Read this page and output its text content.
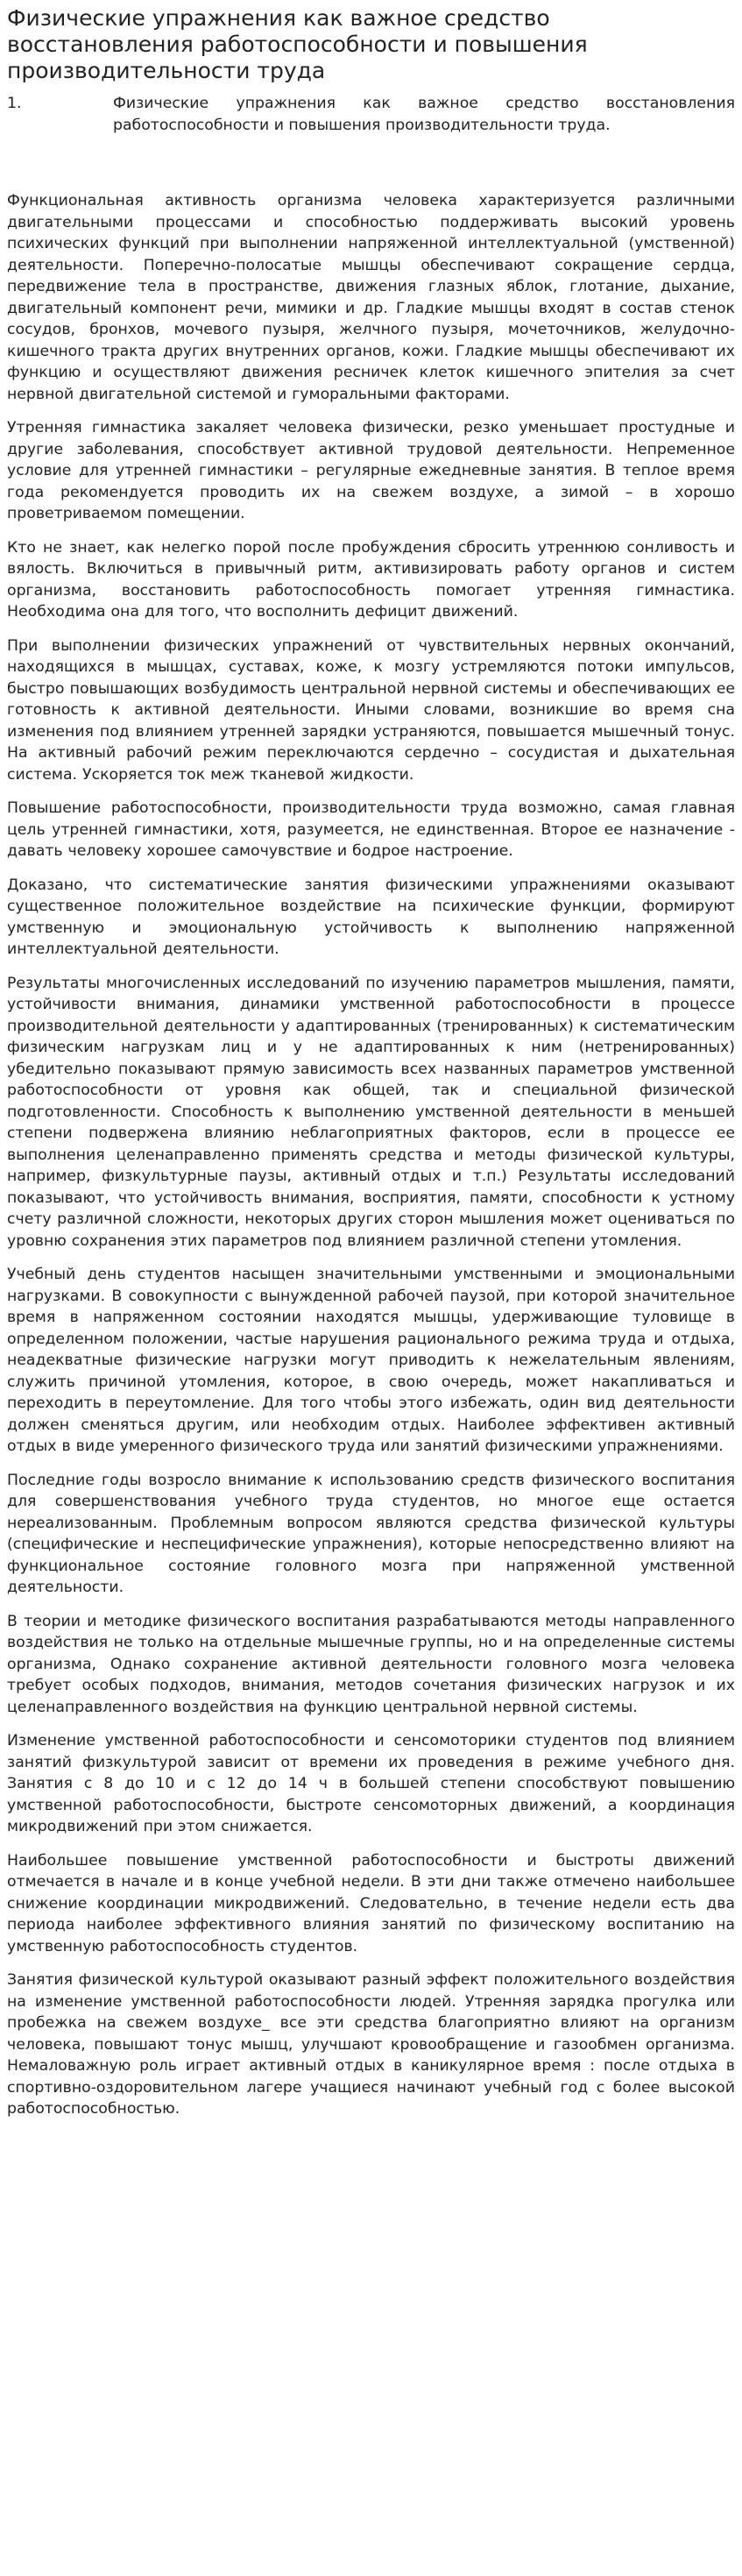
Физические упражнения как важное средство восстановления работоспособности и повышения производительности труда
1.	Физические упражнения как важное средство восстановления работоспособности и повышения производительности труда.

Функциональная активность организма человека характеризуется различными двигательными процессами и способностью поддерживать высокий уровень психических функций при выполнении напряженной интеллектуальной (умственной) деятельности. Поперечно-полосатые мышцы обеспечивают сокращение сердца, передвижение тела в пространстве, движения глазных яблок, глотание, дыхание, двигательный компонент речи, мимики и др. Гладкие мышцы входят в состав стенок сосудов, бронхов, мочевого пузыря, желчного пузыря, мочеточников, желудочно-кишечного тракта других внутренних органов, кожи. Гладкие мышцы обеспечивают их функцию и осуществляют движения ресничек клеток кишечного эпителия за счет нервной двигательной системой и гуморальными факторами.

Утренняя гимнастика закаляет человека физически, резко уменьшает простудные и другие заболевания, способствует активной трудовой деятельности. Непременное условие для утренней гимнастики – регулярные ежедневные занятия. В теплое время года рекомендуется проводить их на свежем воздухе, а зимой – в хорошо проветриваемом помещении.

Кто не знает, как нелегко порой после пробуждения сбросить утреннюю сонливость и вялость. Включиться в привычный ритм, активизировать работу органов и систем организма, восстановить работоспособность помогает утренняя гимнастика. Необходима она для того, что восполнить дефицит движений.

При выполнении физических упражнений от чувствительных нервных окончаний, находящихся в мышцах, суставах, коже, к мозгу устремляются потоки импульсов, быстро повышающих возбудимость центральной нервной системы и обеспечивающих ее готовность к активной деятельности. Иными словами, возникшие во время сна изменения под влиянием утренней зарядки устраняются, повышается мышечный тонус. На активный рабочий режим переключаются сердечно – сосудистая и дыхательная система. Ускоряется ток меж тканевой жидкости.

Повышение работоспособности, производительности труда возможно, самая главная цель утренней гимнастики, хотя, разумеется, не единственная. Второе ее назначение - давать человеку хорошее самочувствие и бодрое настроение.

Доказано, что систематические занятия физическими упражнениями оказывают существенное положительное воздействие на психические функции, формируют умственную и эмоциональную устойчивость к выполнению напряженной интеллектуальной деятельности.

Результаты многочисленных исследований по изучению параметров мышления, памяти, устойчивости внимания, динамики умственной работоспособности в процессе производительной деятельности у адаптированных (тренированных) к систематическим физическим нагрузкам лиц и у не адаптированных к ним (нетренированных) убедительно показывают прямую зависимость всех названных параметров умственной работоспособности от уровня как общей, так и специальной физической подготовленности. Способность к выполнению умственной деятельности в меньшей степени подвержена влиянию неблагоприятных факторов, если в процессе ее выполнения целенаправленно применять средства и методы физической культуры, например, физкультурные паузы, активный отдых и т.п.) Результаты исследований показывают, что устойчивость внимания, восприятия, памяти, способности к устному счету различной сложности, некоторых других сторон мышления может оцениваться по уровню сохранения этих параметров под влиянием различной степени утомления.

Учебный день студентов насыщен значительными умственными и эмоциональными нагрузками. В совокупности с вынужденной рабочей паузой, при которой значительное время в напряженном состоянии находятся мышцы, удерживающие туловище в определенном положении, частые нарушения рационального режима труда и отдыха, неадекватные физические нагрузки могут приводить к нежелательным явлениям, служить причиной утомления, которое, в свою очередь, может накапливаться и переходить в переутомление. Для того чтобы этого избежать, один вид деятельности должен сменяться другим, или необходим отдых. Наиболее эффективен активный отдых в виде умеренного физического труда или занятий физическими упражнениями.

Последние годы возросло внимание к использованию средств физического воспитания для совершенствования учебного труда студентов, но многое еще остается нереализованным. Проблемным вопросом являются средства физической культуры (специфические и неспецифические упражнения), которые непосредственно влияют на функциональное состояние головного мозга при напряженной умственной деятельности.

В теории и методике физического воспитания разрабатываются методы направленного воздействия не только на отдельные мышечные группы, но и на определенные системы организма, Однако сохранение активной деятельности головного мозга человека требует особых подходов, внимания, методов сочетания физических нагрузок и их целенаправленного воздействия на функцию центральной нервной системы.

Изменение умственной работоспособности и сенсомоторики студентов под влиянием занятий физкультурой зависит от времени их проведения в режиме учебного дня. Занятия с 8 до 10 и с 12 до 14 ч в большей степени способствуют повышению умственной работоспособности, быстроте сенсомоторных движений, а координация микродвижений при этом снижается.

Наибольшее повышение умственной работоспособности и быстроты движений отмечается в начале и в конце учебной недели. В эти дни также отмечено наибольшее снижение координации микродвижений. Следовательно, в течение недели есть два периода наиболее эффективного влияния занятий по физическому воспитанию на умственную работоспособность студентов.

Занятия физической культурой оказывают разный эффект положительного воздействия на изменение умственной работоспособности людей. Утренняя зарядка прогулка или пробежка на свежем воздухе_ все эти средства благоприятно влияют на организм человека, повышают тонус мышц, улучшают кровообращение и газообмен организма. Немаловажную роль играет активный отдых в каникулярное время : после отдыха в спортивно-оздоровительном лагере учащиеся начинают учебный год с более высокой работоспособностью.
